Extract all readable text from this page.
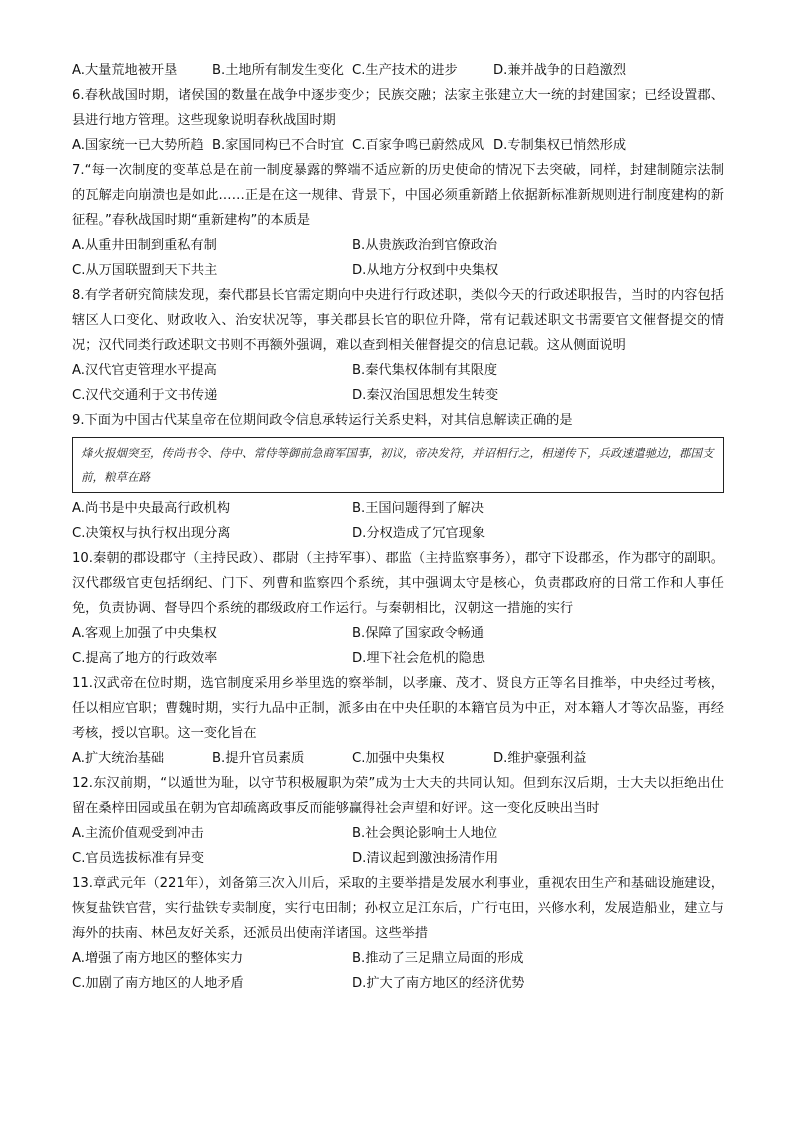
A.大量荒地被开垦	B.土地所有制发生变化 C.生产技术的进步	D.兼并战争的日趋激烈
6.春秋战国时期，诸侯国的数量在战争中逐步变少；民族交融；法家主张建立大一统的封建国家；已经设置郡、县进行地方管理。这些现象说明春秋战国时期
A.国家统一已大势所趋 B.家国同构已不合时宜 C.百家争鸣已蔚然成风 D.专制集权已悄然形成
7.“每一次制度的变革总是在前一制度暴露的弊端不适应新的历史使命的情况下去突破，同样，封建制随宗法制的瓦解走向崩溃也是如此……正是在这一规律、背景下，中国必须重新踏上依据新标准新规则进行制度建构的新征程。”春秋战国时期“重新建构”的本质是
A.从重井田制到重私有制	B.从贵族政治到官僚政治
C.从万国联盟到天下共主	D.从地方分权到中央集权
8.有学者研究简牍发现，秦代郡县长官需定期向中央进行行政述职，类似今天的行政述职报告，当时的内容包括辖区人口变化、财政收入、治安状况等，事关郡县长官的职位升降，常有记载述职文书需要官文催督提交的情况；汉代同类行政述职文书则不再额外强调，难以查到相关催督提交的信息记载。这从侧面说明
A.汉代官吏管理水平提高	B.秦代集权体制有其限度
C.汉代交通利于文书传递	D.秦汉治国思想发生转变
9.下面为中国古代某皇帝在位期间政令信息承转运行关系史料，对其信息解读正确的是
烽火报烟突至，传尚书令、侍中、常侍等御前急商军国事，初议，帝决发符，并诏相行之，相递传下，兵政速遣驰边，郡国支前，粮草在路
A.尚书是中央最高行政机构	B.王国问题得到了解决
C.决策权与执行权出现分离	D.分权造成了冗官现象
10.秦朝的郡设郡守（主持民政）、郡尉（主持军事）、郡监（主持监察事务），郡守下设郡丞，作为郡守的副职。汉代郡级官吏包括纲纪、门下、列曹和监察四个系统，其中强调太守是核心，负责郡政府的日常工作和人事任免，负责协调、督导四个系统的郡级政府工作运行。与秦朝相比，汉朝这一措施的实行
A.客观上加强了中央集权	B.保障了国家政令畅通
C.提高了地方的行政效率	D.埋下社会危机的隐患
11.汉武帝在位时期，选官制度采用乡举里选的察举制，以孝廉、茂才、贤良方正等名目推举，中央经过考核，任以相应官职；曹魏时期，实行九品中正制，派多由在中央任职的本籍官员为中正，对本籍人才等次品鉴，再经考核，授以官职。这一变化旨在
A.扩大统治基础	B.提升官员素质	C.加强中央集权	D.维护豪强利益
12.东汉前期，“以遁世为耻，以守节积极履职为荣”成为士大夫的共同认知。但到东汉后期，士大夫以拒绝出仕留在桑梓田园或虽在朝为官却疏离政事反而能够赢得社会声望和好评。这一变化反映出当时
A.主流价值观受到冲击	B.社会舆论影响士人地位
C.官员选拔标准有异变	D.清议起到激浊扬清作用
13.章武元年（221年），刘备第三次入川后，采取的主要举措是发展水利事业，重视农田生产和基础设施建设，恢复盐铁官营，实行盐铁专卖制度，实行屯田制；孙权立足江东后，广行屯田，兴修水利，发展造船业，建立与海外的扶南、林邑友好关系，还派员出使南洋诸国。这些举措
A.增强了南方地区的整体实力	B.推动了三足鼎立局面的形成
C.加剧了南方地区的人地矛盾	D.扩大了南方地区的经济优势
